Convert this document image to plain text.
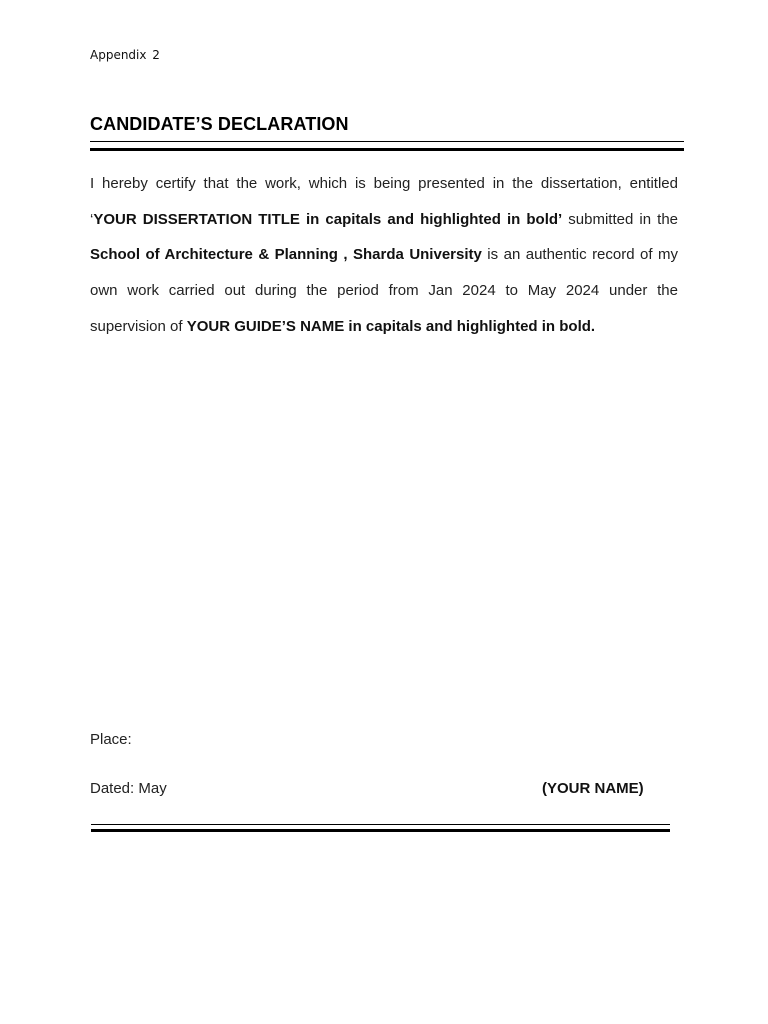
Appendix 2
CANDIDATE’S DECLARATION

I hereby certify that the work, which is being presented in the dissertation, entitled ‘YOUR DISSERTATION TITLE in capitals and highlighted in bold’ submitted in the School of Architecture & Planning , Sharda University is an authentic record of my own work carried out during the period from Jan 2024 to May 2024 under the supervision of YOUR GUIDE’S NAME in capitals and highlighted in bold.

Place:
Dated: May	(YOUR NAME)
